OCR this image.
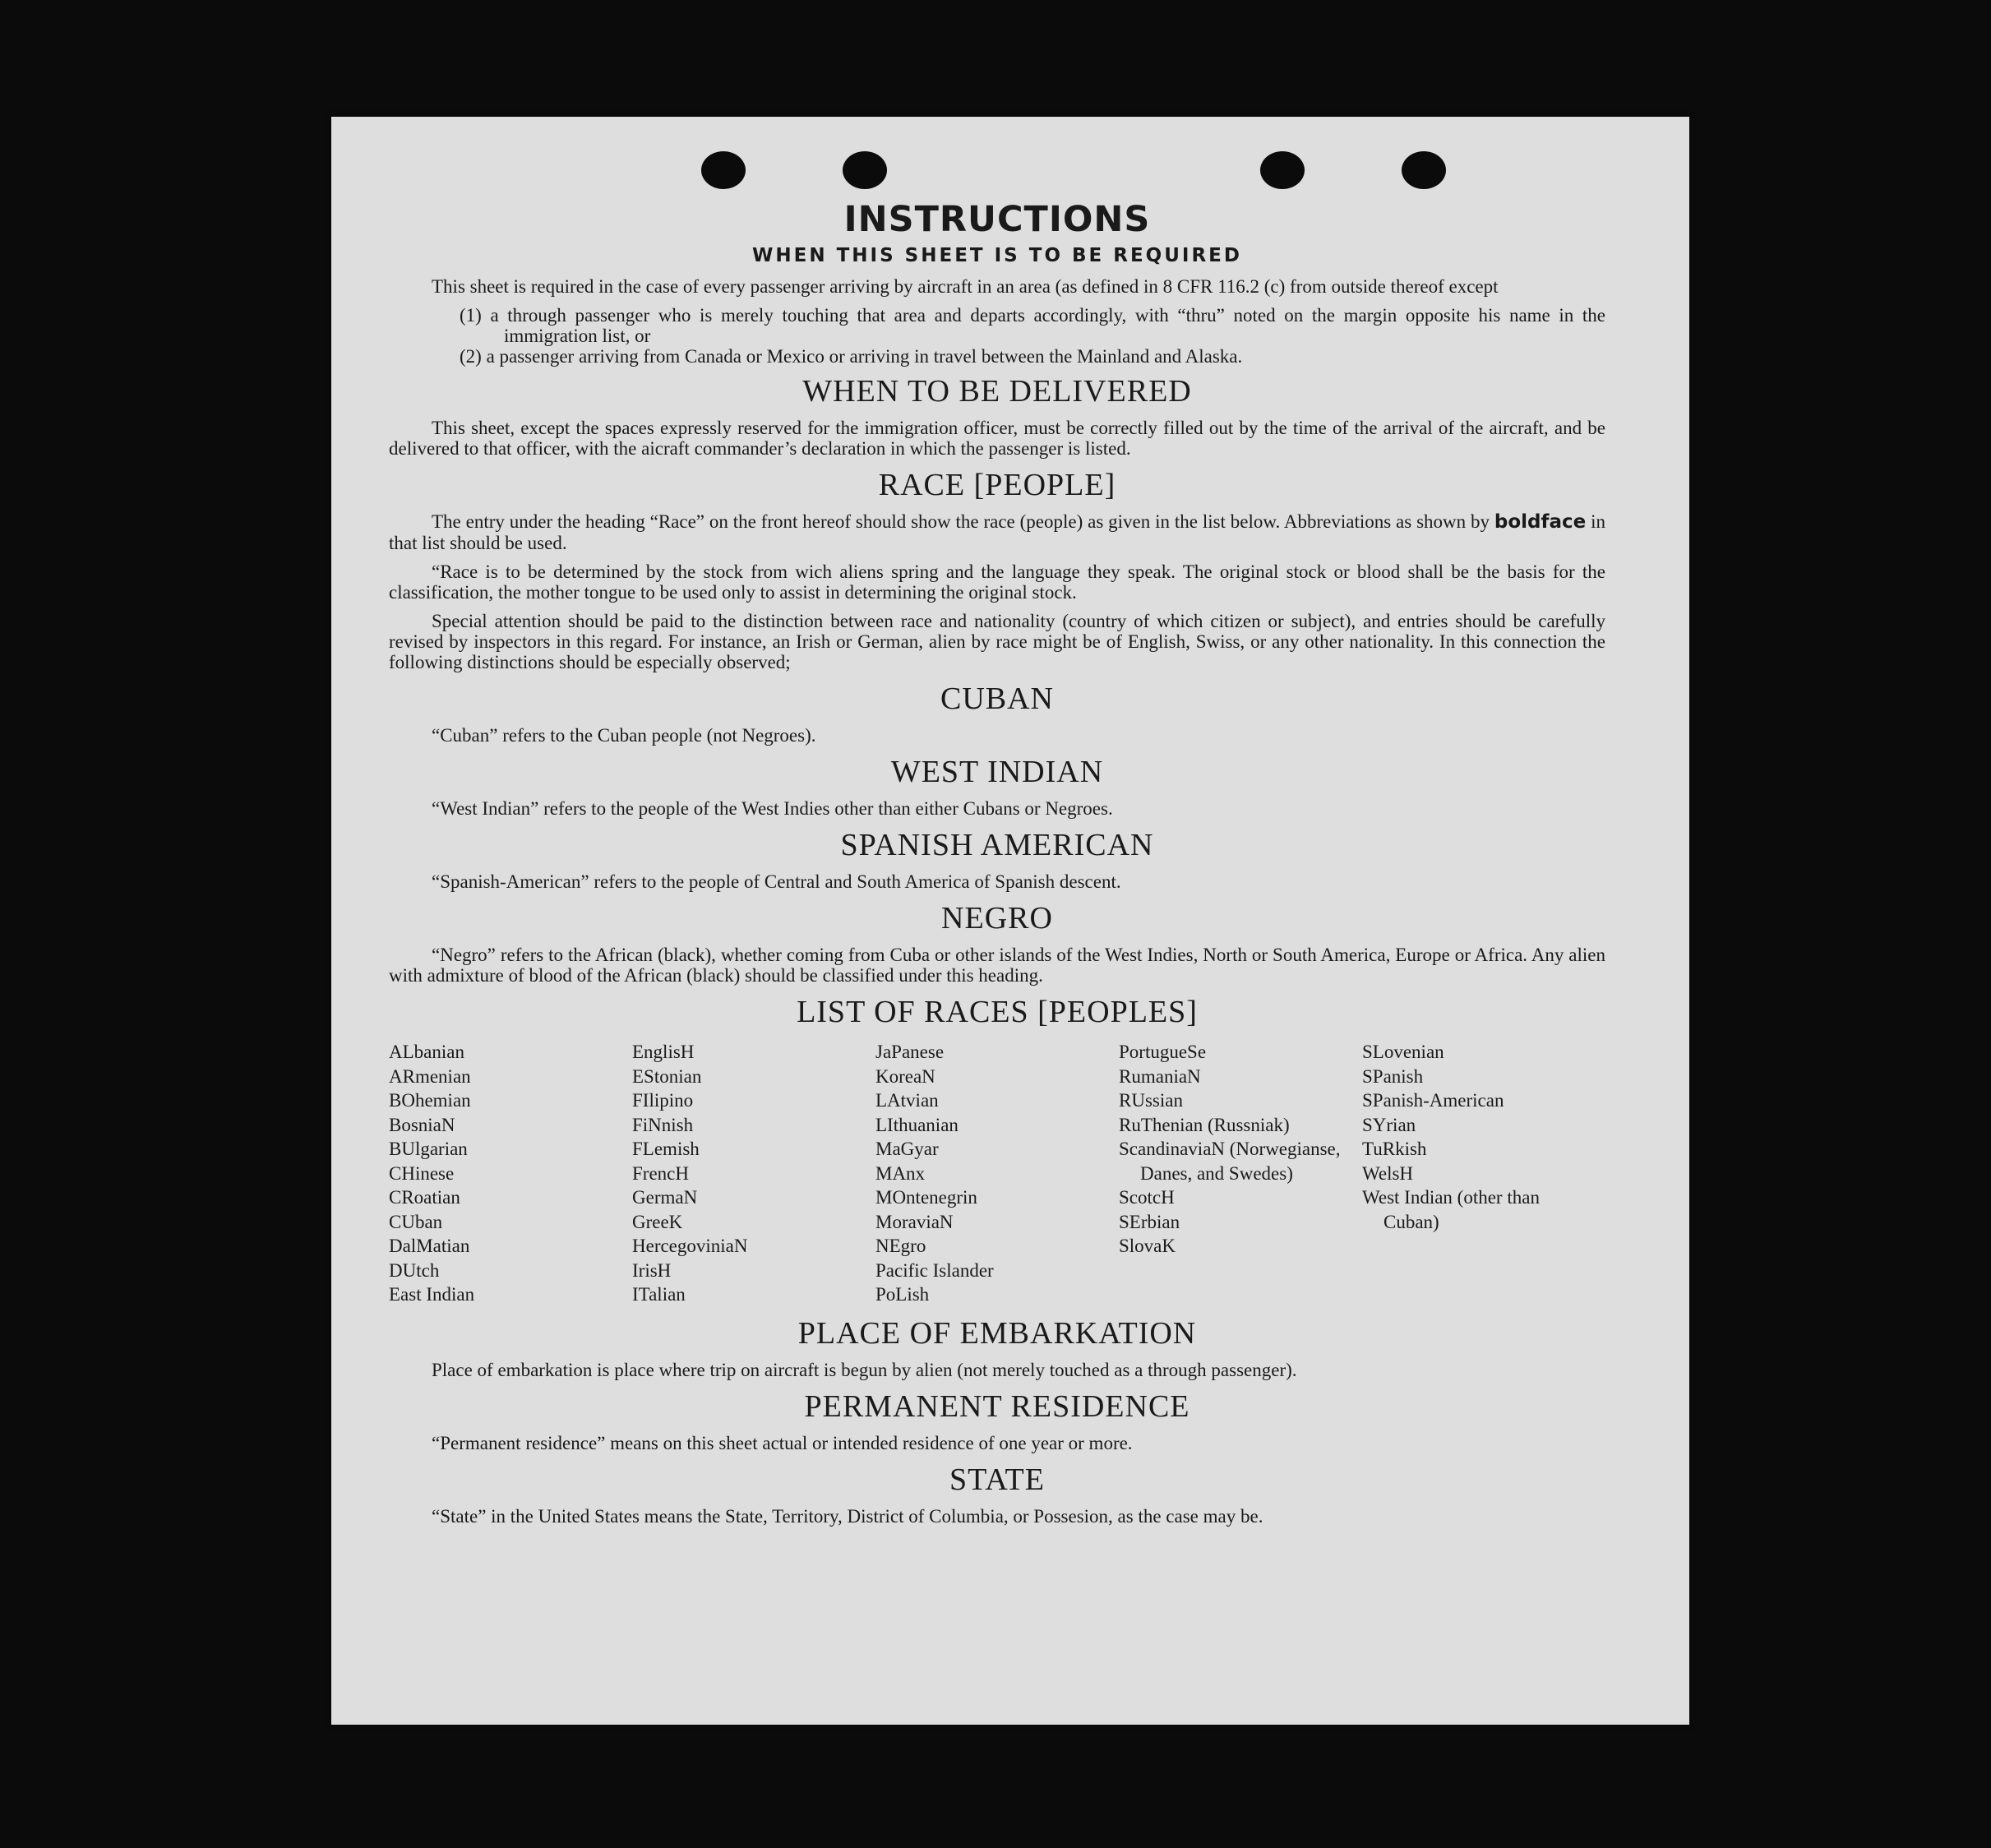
INSTRUCTIONS
WHEN THIS SHEET IS TO BE REQUIRED

This sheet is required in the case of every passenger arriving by aircraft in an area (as defined in 8 CFR 116.2 (c) from outside thereof except

(1) a through passenger who is merely touching that area and departs accordingly, with “thru” noted on the margin opposite his name in the immigration list, or
(2) a passenger arriving from Canada or Mexico or arriving in travel between the Mainland and Alaska.
WHEN TO BE DELIVERED

This sheet, except the spaces expressly reserved for the immigration officer, must be correctly filled out by the time of the arrival of the aircraft, and be delivered to that officer, with the aicraft commander’s declaration in which the passenger is listed.

RACE [PEOPLE]

The entry under the heading “Race” on the front hereof should show the race (people) as given in the list below. Abbreviations as shown by boldface in that list should be used.

“Race is to be determined by the stock from wich aliens spring and the language they speak. The original stock or blood shall be the basis for the classification, the mother tongue to be used only to assist in determining the original stock.

Special attention should be paid to the distinction between race and nationality (country of which citizen or subject), and entries should be carefully revised by inspectors in this regard. For instance, an Irish or German, alien by race might be of English, Swiss, or any other nationality. In this connection the following distinctions should be especially observed;

CUBAN

“Cuban” refers to the Cuban people (not Negroes).

WEST INDIAN

“West Indian” refers to the people of the West Indies other than either Cubans or Negroes.

SPANISH AMERICAN

“Spanish-American” refers to the people of Central and South America of Spanish descent.

NEGRO

“Negro” refers to the African (black), whether coming from Cuba or other islands of the West Indies, North or South America, Europe or Africa. Any alien with admixture of blood of the African (black) should be classified under this heading.

LIST OF RACES [PEOPLES]
ALbanian
ARmenian
BOhemian
BosniaN
BUlgarian
CHinese
CRoatian
CUban
DalMatian
DUtch
East Indian
EnglisH
EStonian
FIlipino
FiNnish
FLemish
FrencH
GermaN
GreeK
HercegoviniaN
IrisH
ITalian
JaPanese
KoreaN
LAtvian
LIthuanian
MaGyar
MAnx
MOntenegrin
MoraviaN
NEgro
Pacific Islander
PoLish
PortugueSe
RumaniaN
RUssian
RuThenian (Russniak)
ScandinaviaN (Norwegianse, Danes, and Swedes)
ScotcH
SErbian
SlovaK
SLovenian
SPanish
SPanish-American
SYrian
TuRkish
WelsH
West Indian (other than Cuban)
PLACE OF EMBARKATION

Place of embarkation is place where trip on aircraft is begun by alien (not merely touched as a through passenger).

PERMANENT RESIDENCE

“Permanent residence” means on this sheet actual or intended residence of one year or more.

STATE

“State” in the United States means the State, Territory, District of Columbia, or Possesion, as the case may be.
